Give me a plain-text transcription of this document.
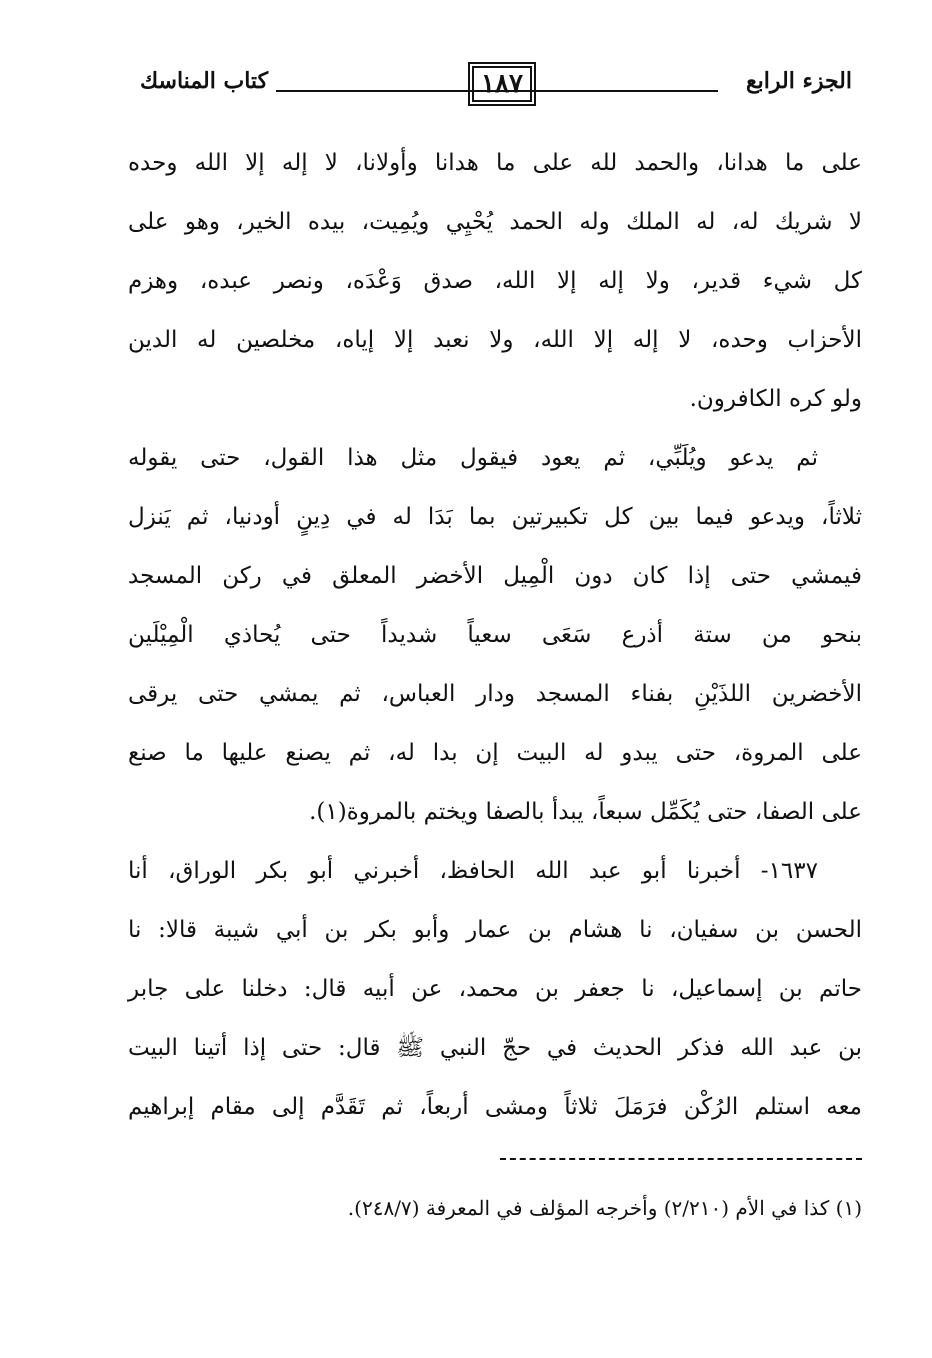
الجزء الرابع
١٨٧
كتاب المناسك

على ما هدانا، والحمد لله على ما هدانا وأولانا، لا إله إلا الله وحده
لا شريك له، له الملك وله الحمد يُحْيِي ويُمِيت، بيده الخير، وهو على
كل شيء قدير، ولا إله إلا الله، صدق وَعْدَه، ونصر عبده، وهزم
الأحزاب وحده، لا إله إلا الله، ولا نعبد إلا إياه، مخلصين له الدين
ولو كره الكافرون.

ثم يدعو ويُلَبِّي، ثم يعود فيقول مثل هذا القول، حتى يقوله
ثلاثاً، ويدعو فيما بين كل تكبيرتين بما بَدَا له في دِينٍ أودنيا، ثم يَنزل
فيمشي حتى إذا كان دون الْمِيل الأخضر المعلق في ركن المسجد
بنحو من ستة أذرع سَعَى سعياً شديداً حتى يُحاذي الْمِيْلَين
الأخضرين اللذَيْنِ بفناء المسجد ودار العباس، ثم يمشي حتى يرقى
على المروة، حتى يبدو له البيت إن بدا له، ثم يصنع عليها ما صنع
على الصفا، حتى يُكَمِّل سبعاً، يبدأ بالصفا ويختم بالمروة(١).

١٦٣٧- أخبرنا أبو عبد الله الحافظ، أخبرني أبو بكر الوراق، أنا
الحسن بن سفيان، نا هشام بن عمار وأبو بكر بن أبي شيبة قالا: نا
حاتم بن إسماعيل، نا جعفر بن محمد، عن أبيه قال: دخلنا على جابر
بن عبد الله فذكر الحديث في حجّ النبي ﷺ قال: حتى إذا أتينا البيت
معه استلم الرُكْن فرَمَلَ ثلاثاً ومشى أربعاً، ثم تَقَدَّم إلى مقام إبراهيم

(١) كذا في الأم (٢/٢١٠) وأخرجه المؤلف في المعرفة (٢٤٨/٧).
